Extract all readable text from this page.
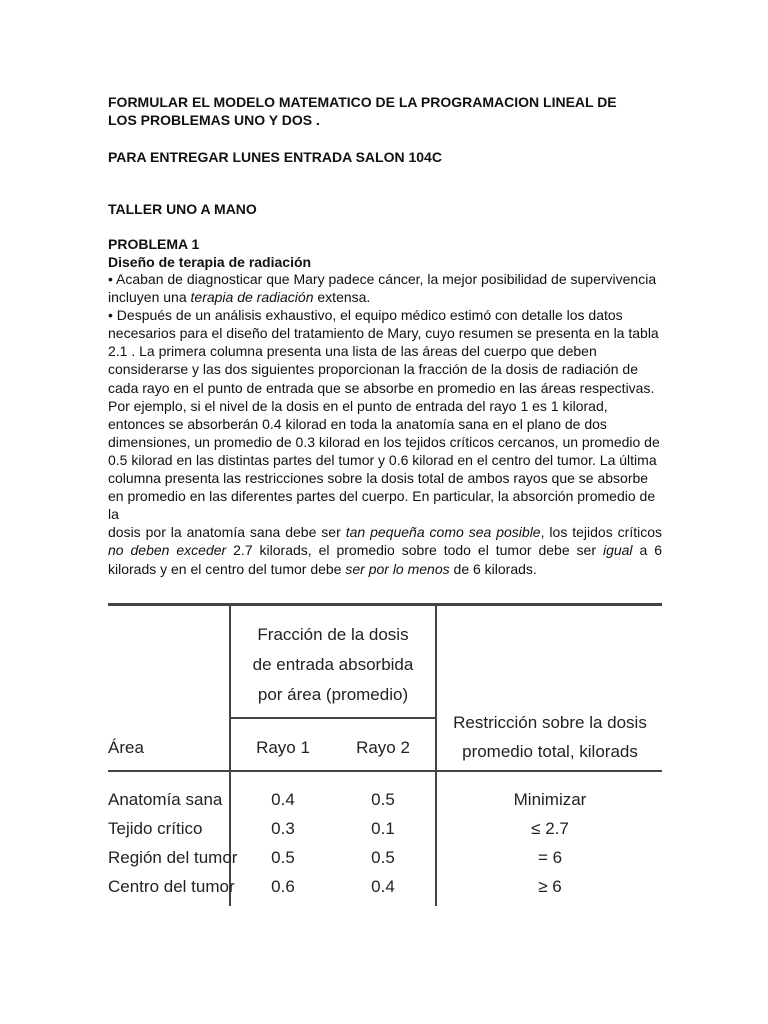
FORMULAR EL MODELO MATEMATICO DE LA PROGRAMACION LINEAL DE
LOS PROBLEMAS UNO Y DOS .
PARA ENTREGAR LUNES ENTRADA SALON 104C
TALLER UNO A MANO
PROBLEMA 1
Diseño de terapia de radiación

• Acaban de diagnosticar que Mary padece cáncer, la mejor posibilidad de supervivencia incluyen una terapia de radiación extensa.

• Después de un análisis exhaustivo, el equipo médico estimó con detalle los datos necesarios para el diseño del tratamiento de Mary, cuyo resumen se presenta en la tabla 2.1 . La primera columna presenta una lista de las áreas del cuerpo que deben considerarse y las dos siguientes proporcionan la fracción de la dosis de radiación de cada rayo en el punto de entrada que se absorbe en promedio en las áreas respectivas. Por ejemplo, si el nivel de la dosis en el punto de entrada del rayo 1 es 1 kilorad, entonces se absorberán 0.4 kilorad en toda la anatomía sana en el plano de dos dimensiones, un promedio de 0.3 kilorad en los tejidos críticos cercanos, un promedio de 0.5 kilorad en las distintas partes del tumor y 0.6 kilorad en el centro del tumor. La última columna presenta las restricciones sobre la dosis total de ambos rayos que se absorbe en promedio en las diferentes partes del cuerpo. En particular, la absorción promedio de la

dosis por la anatomía sana debe ser tan pequeña como sea posible, los tejidos críticos no deben exceder 2.7 kilorads, el promedio sobre todo el tumor debe ser igual a 6 kilorads y en el centro del tumor debe ser por lo menos de 6 kilorads.

Fracción de la dosis
de entrada absorbida
por área (promedio)
Área	Rayo 1	Rayo 2
Restricción sobre la dosis
promedio total, kilorads
Anatomía sana	0.4	0.5	Minimizar
Tejido crítico	0.3	0.1	≤ 2.7
Región del tumor	0.5	0.5	= 6
Centro del tumor	0.6	0.4	≥ 6
